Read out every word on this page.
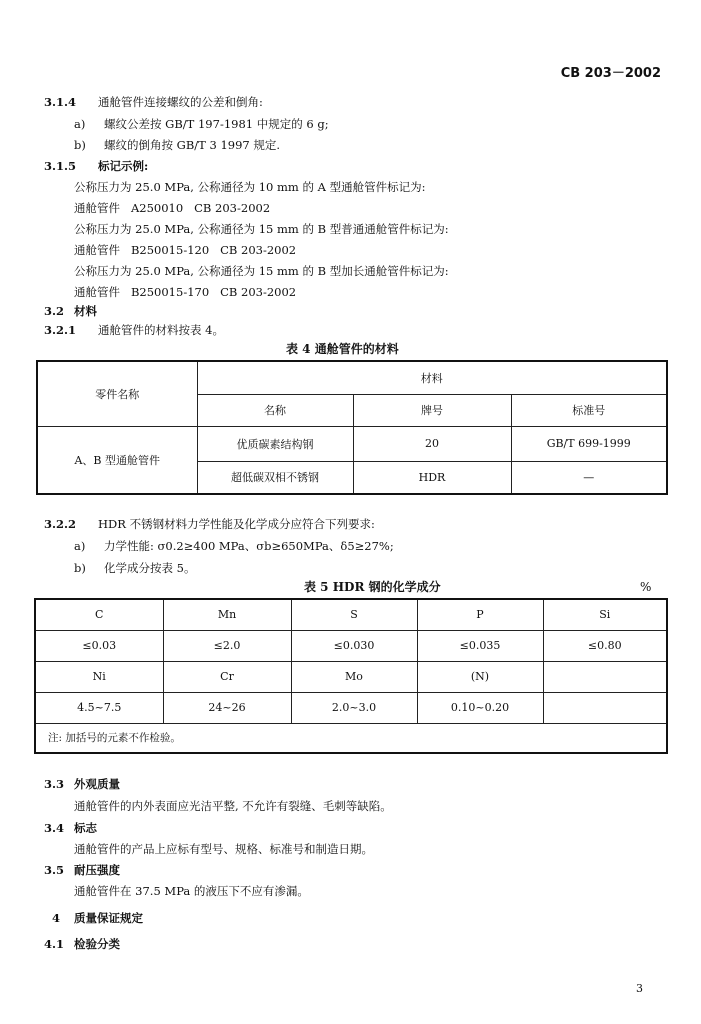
CB 203－2002
3.1.4 通舱管件连接螺纹的公差和倒角:
a) 螺纹公差按 GB/T 197-1981 中规定的 6 g;
b) 螺纹的倒角按 GB/T 3 1997 规定.
3.1.5 标记示例:
公称压力为 25.0 MPa, 公称通径为 10 mm 的 A 型通舱管件标记为:
通舱管件   A250010   CB 203-2002
公称压力为 25.0 MPa, 公称通径为 15 mm 的 B 型普通通舱管件标记为:
通舱管件   B250015-120   CB 203-2002
公称压力为 25.0 MPa, 公称通径为 15 mm 的 B 型加长通舱管件标记为:
通舱管件   B250015-170   CB 203-2002
3.2 材料
3.2.1 通舱管件的材料按表 4。
表 4 通舱管件的材料
零件名称	材料		
	名称	牌号	标准号
A、B 型通舱管件	优质碳素结构钢	20	GB/T 699-1999
	超低碳双相不锈钢	HDR	—
3.2.2 HDR 不锈钢材料力学性能及化学成分应符合下列要求:
a) 力学性能: σ0.2≥400 MPa、σb≥650MPa、δ5≥27%;
b) 化学成分按表 5。
表 5 HDR 钢的化学成分	%
C	Mn	S	P	Si
≤0.03	≤2.0	≤0.030	≤0.035	≤0.80
Ni	Cr	Mo	(N)	
4.5~7.5	24~26	2.0~3.0	0.10~0.20	
注: 加括号的元素不作检验。				
3.3 外观质量
通舱管件的内外表面应光洁平整, 不允许有裂缝、毛刺等缺陷。
3.4 标志
通舱管件的产品上应标有型号、规格、标准号和制造日期。
3.5 耐压强度
通舱管件在 37.5 MPa 的液压下不应有渗漏。
4 质量保证规定
4.1 检验分类
3
